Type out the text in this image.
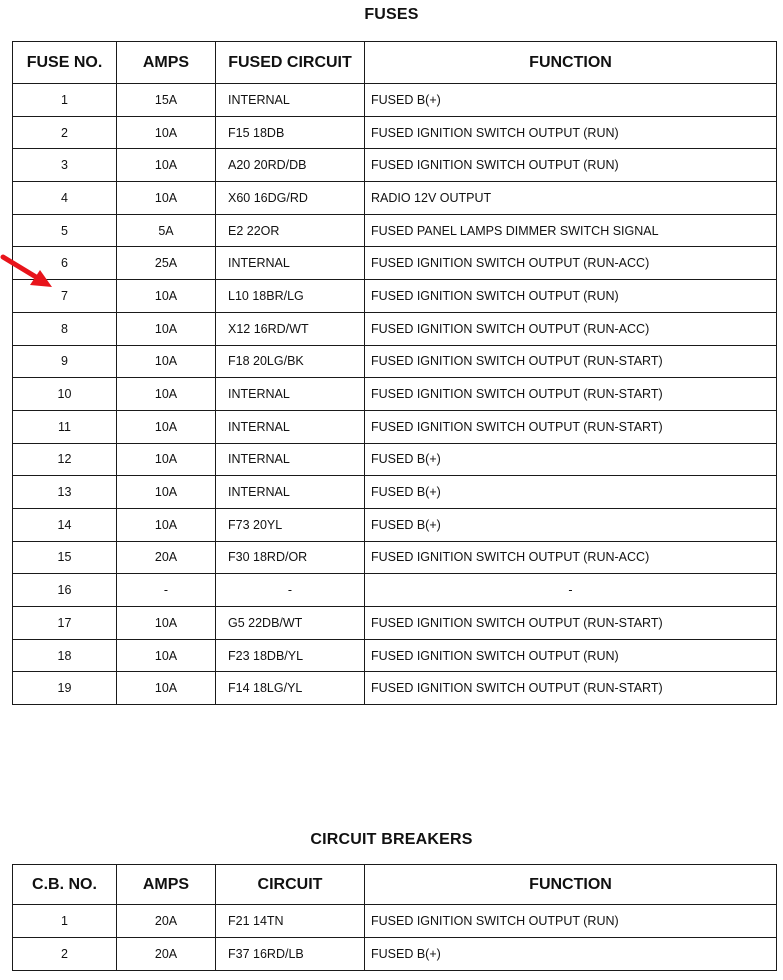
FUSES
FUSE NO.	AMPS	FUSED CIRCUIT	FUNCTION
1	15A	INTERNAL	FUSED B(+)
2	10A	F15 18DB	FUSED IGNITION SWITCH OUTPUT (RUN)
3	10A	A20 20RD/DB	FUSED IGNITION SWITCH OUTPUT (RUN)
4	10A	X60 16DG/RD	RADIO 12V OUTPUT
5	5A	E2 22OR	FUSED PANEL LAMPS DIMMER SWITCH SIGNAL
6	25A	INTERNAL	FUSED IGNITION SWITCH OUTPUT (RUN-ACC)
7	10A	L10 18BR/LG	FUSED IGNITION SWITCH OUTPUT (RUN)
8	10A	X12 16RD/WT	FUSED IGNITION SWITCH OUTPUT (RUN-ACC)
9	10A	F18 20LG/BK	FUSED IGNITION SWITCH OUTPUT (RUN-START)
10	10A	INTERNAL	FUSED IGNITION SWITCH OUTPUT (RUN-START)
11	10A	INTERNAL	FUSED IGNITION SWITCH OUTPUT (RUN-START)
12	10A	INTERNAL	FUSED B(+)
13	10A	INTERNAL	FUSED B(+)
14	10A	F73 20YL	FUSED B(+)
15	20A	F30 18RD/OR	FUSED IGNITION SWITCH OUTPUT (RUN-ACC)
16	-	-	-
17	10A	G5 22DB/WT	FUSED IGNITION SWITCH OUTPUT (RUN-START)
18	10A	F23 18DB/YL	FUSED IGNITION SWITCH OUTPUT (RUN)
19	10A	F14 18LG/YL	FUSED IGNITION SWITCH OUTPUT (RUN-START)
CIRCUIT BREAKERS
C.B. NO.	AMPS	CIRCUIT	FUNCTION
1	20A	F21 14TN	FUSED IGNITION SWITCH OUTPUT (RUN)
2	20A	F37 16RD/LB	FUSED B(+)
